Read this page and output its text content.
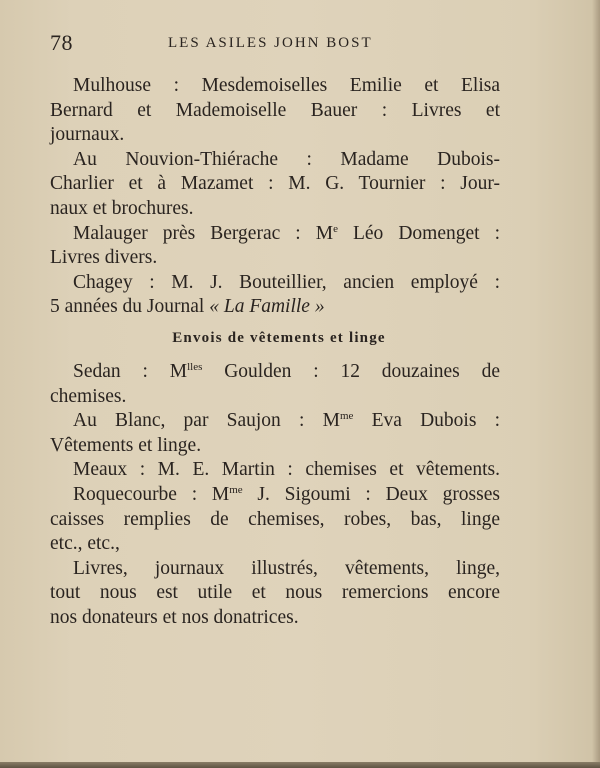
78	LES ASILES JOHN BOST
Mulhouse : Mesdemoiselles Emilie et Elisa
Bernard et Mademoiselle Bauer : Livres et
journaux.
Au Nouvion-Thiérache : Madame Dubois-
Charlier et à Mazamet : M. G. Tournier : Jour-
naux et brochures.
Malauger près Bergerac : Me Léo Domenget :
Livres divers.
Chagey : M. J. Bouteillier, ancien employé :
5 années du Journal « La Famille »
Envois de vêtements et linge
Sedan : $M^{lles}$ Goulden : 12 douzaines de
chemises.
Au Blanc, par Saujon : $M^{me}$ Eva Dubois :
Vêtements et linge.
Meaux : M. E. Martin : chemises et vêtements.
Roquecourbe : $M^{me}$ J. Sigoumi : Deux grosses
caisses remplies de chemises, robes, bas, linge
etc., etc.,
Livres, journaux illustrés, vêtements, linge,
tout nous est utile et nous remercions encore
nos donateurs et nos donatrices.
